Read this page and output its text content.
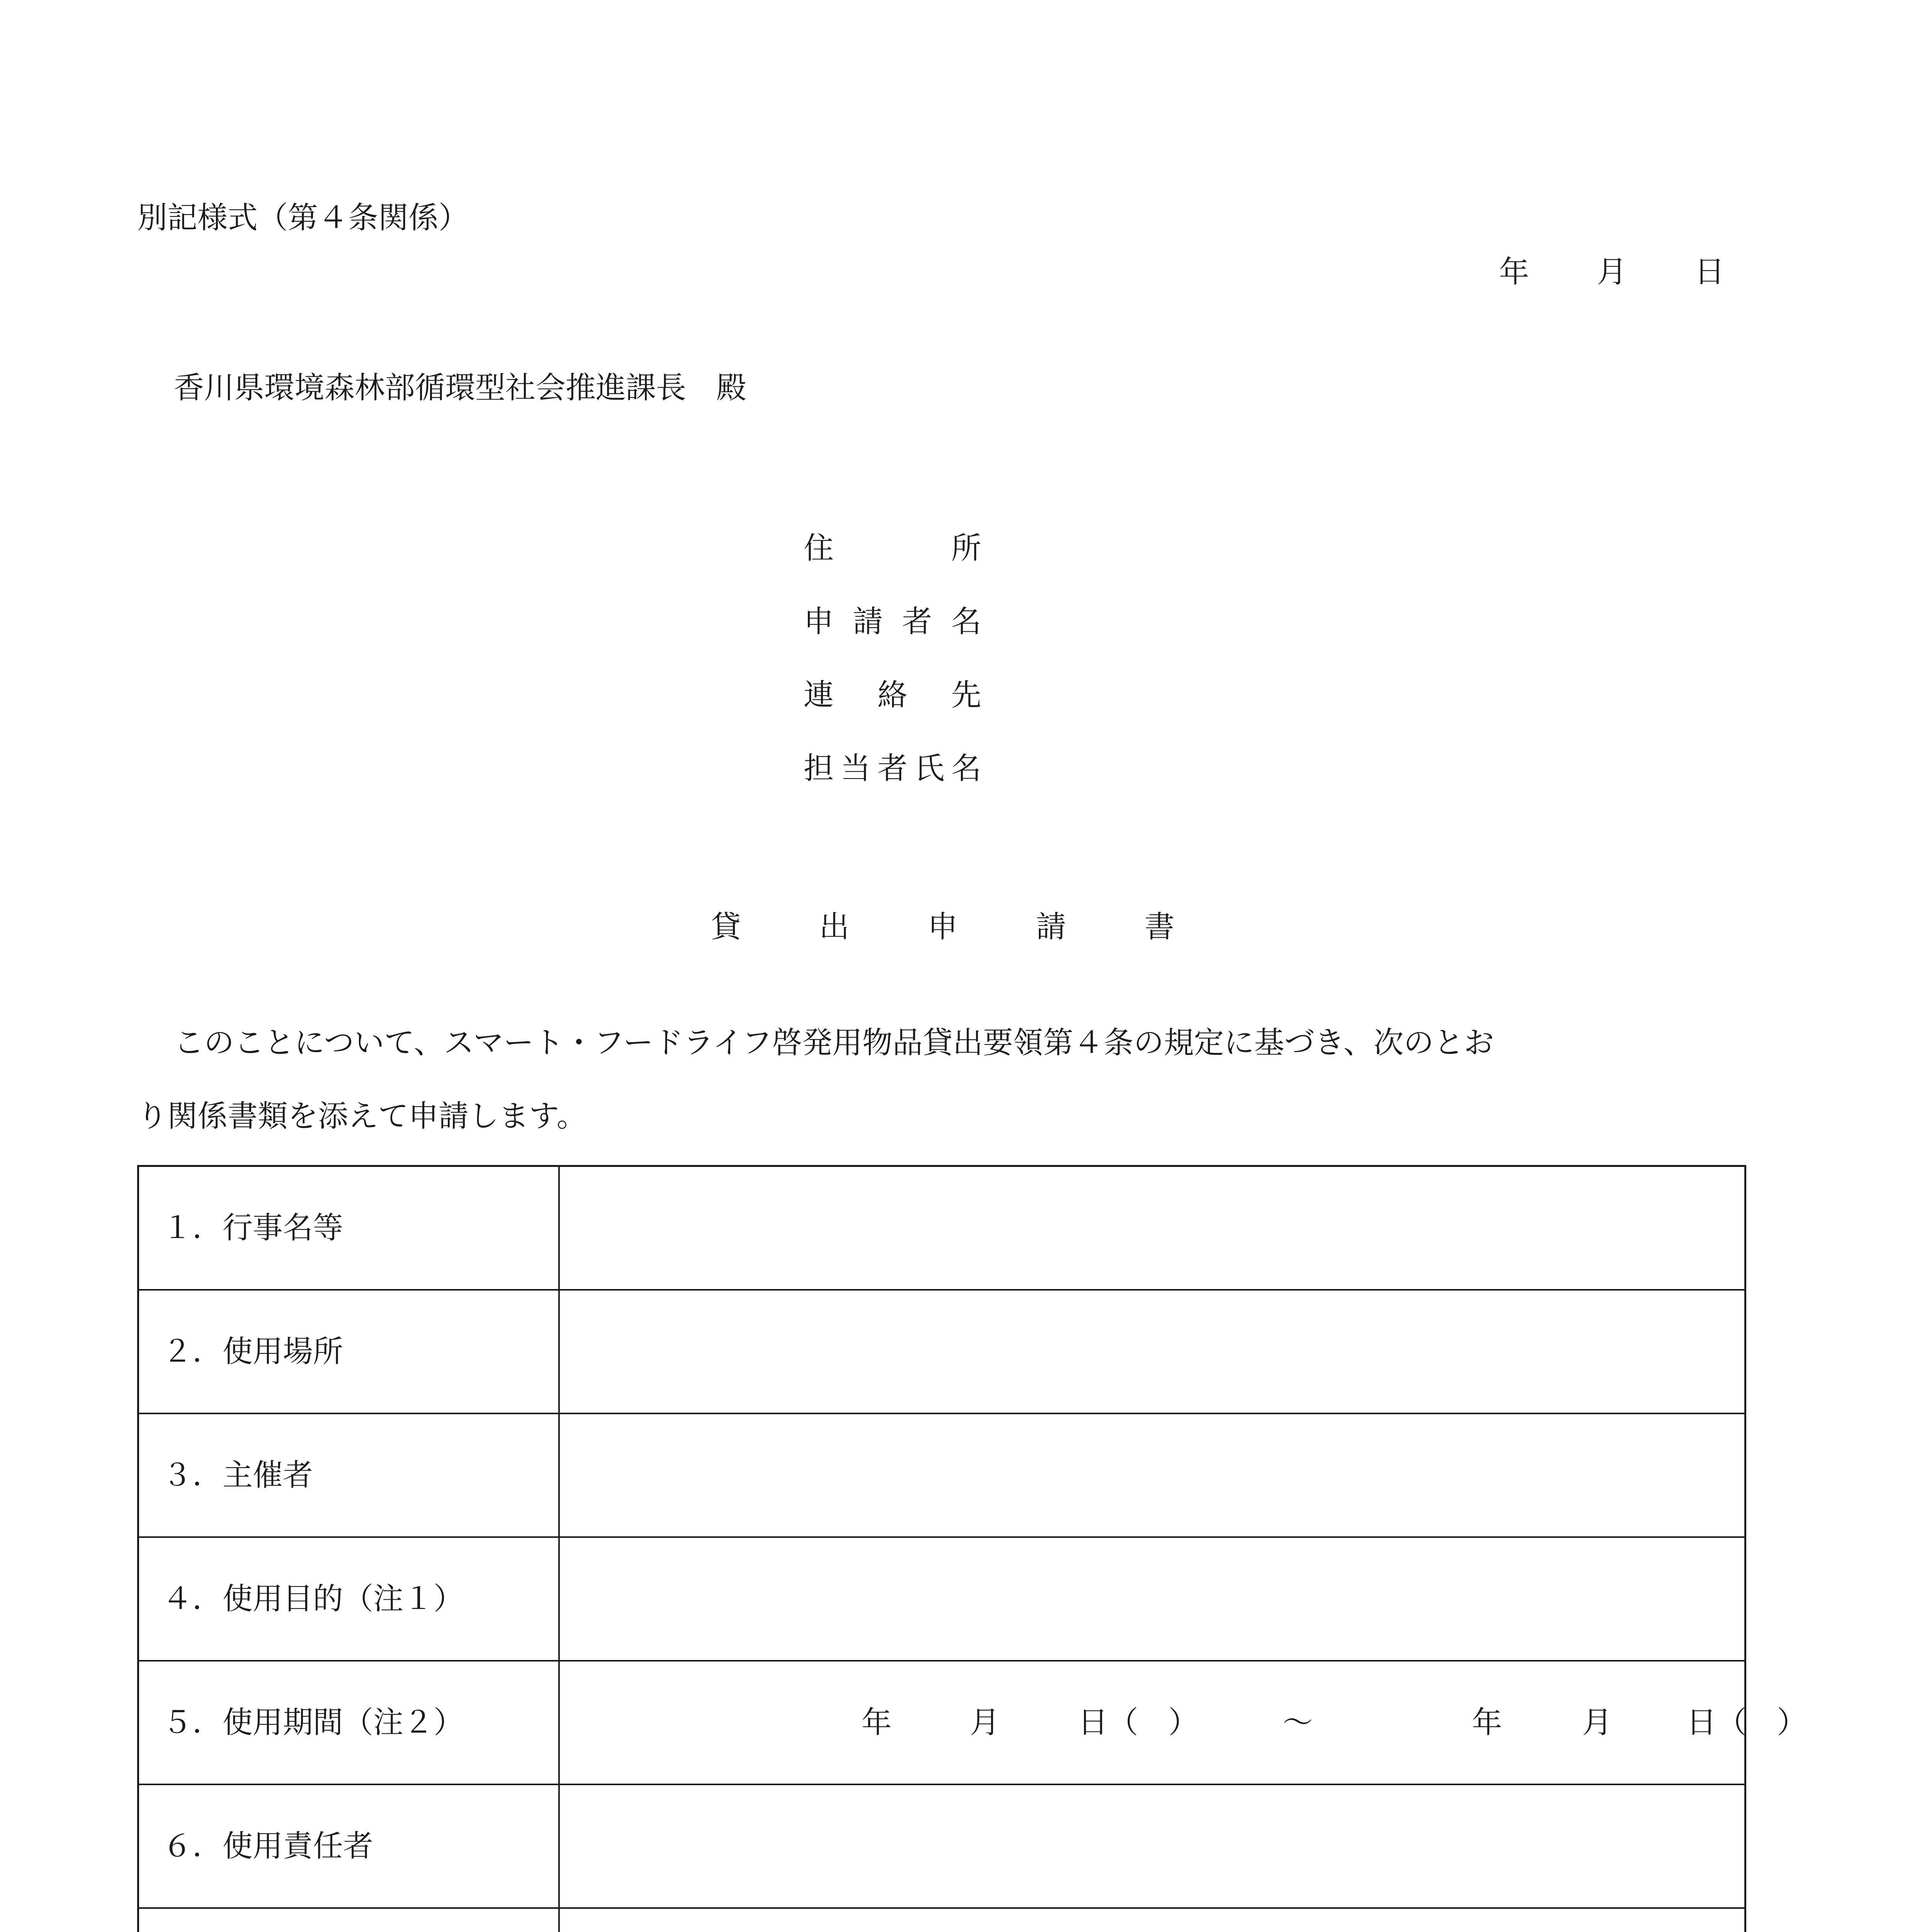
別記様式（第４条関係）
年 月 日
香川県環境森林部循環型社会推進課長　殿
住所
申請者名
連絡先
担当者氏名
貸出申請書
このことについて、スマート・フードライフ啓発用物品貸出要領第４条の規定に基づき、次のとお
り関係書類を添えて申請します。
１．行事名等
２．使用場所
３．主催者
４．使用目的（注１）
５．使用期間（注２）	年	月	日（　）	～	年	月 日（　）
６．使用責任者
